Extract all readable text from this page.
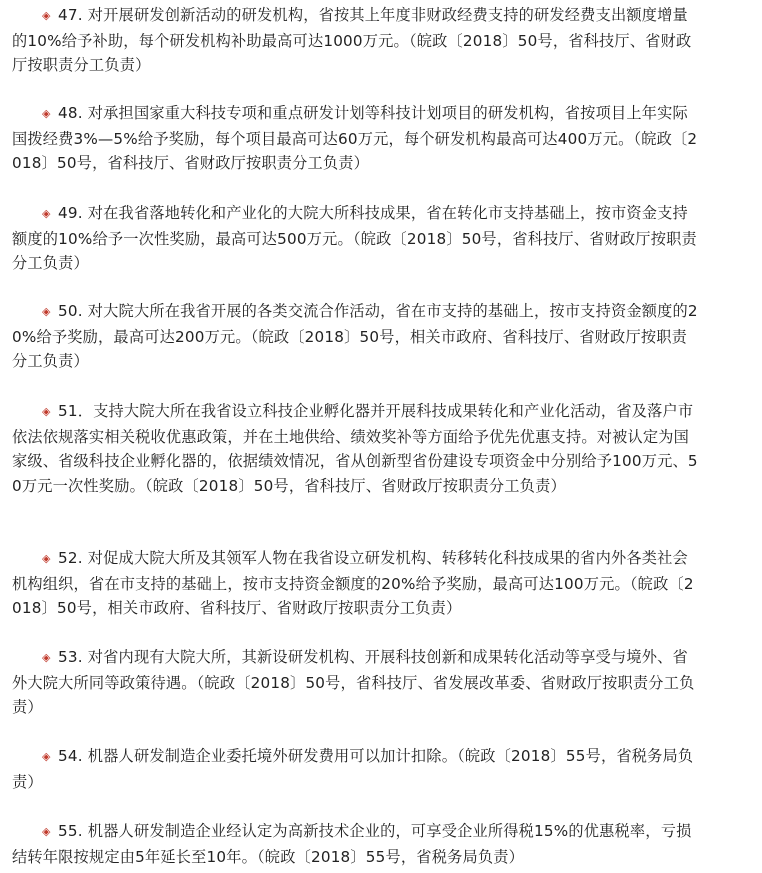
◈ 47. 对开展研发创新活动的研发机构，省按其上年度非财政经费支持的研发经费支出额度增量的10%给予补助，每个研发机构补助最高可达1000万元。（皖政〔2018〕50号，省科技厅、省财政厅按职责分工负责）

◈ 48. 对承担国家重大科技专项和重点研发计划等科技计划项目的研发机构，省按项目上年实际国拨经费3%—5%给予奖励，每个项目最高可达60万元，每个研发机构最高可达400万元。（皖政〔2018〕50号，省科技厅、省财政厅按职责分工负责）

◈ 49. 对在我省落地转化和产业化的大院大所科技成果，省在转化市支持基础上，按市资金支持额度的10%给予一次性奖励，最高可达500万元。（皖政〔2018〕50号，省科技厅、省财政厅按职责分工负责）

◈ 50. 对大院大所在我省开展的各类交流合作活动，省在市支持的基础上，按市支持资金额度的20%给予奖励，最高可达200万元。（皖政〔2018〕50号，相关市政府、省科技厅、省财政厅按职责分工负责）

◈ 51．支持大院大所在我省设立科技企业孵化器并开展科技成果转化和产业化活动，省及落户市依法依规落实相关税收优惠政策，并在土地供给、绩效奖补等方面给予优先优惠支持。对被认定为国家级、省级科技企业孵化器的，依据绩效情况，省从创新型省份建设专项资金中分别给予100万元、50万元一次性奖励。（皖政〔2018〕50号，省科技厅、省财政厅按职责分工负责）

◈ 52. 对促成大院大所及其领军人物在我省设立研发机构、转移转化科技成果的省内外各类社会机构组织，省在市支持的基础上，按市支持资金额度的20%给予奖励，最高可达100万元。（皖政〔2018〕50号，相关市政府、省科技厅、省财政厅按职责分工负责）

◈ 53. 对省内现有大院大所，其新设研发机构、开展科技创新和成果转化活动等享受与境外、省外大院大所同等政策待遇。（皖政〔2018〕50号，省科技厅、省发展改革委、省财政厅按职责分工负责）

◈ 54. 机器人研发制造企业委托境外研发费用可以加计扣除。（皖政〔2018〕55号，省税务局负责）

◈ 55. 机器人研发制造企业经认定为高新技术企业的，可享受企业所得税15%的优惠税率，亏损结转年限按规定由5年延长至10年。（皖政〔2018〕55号，省税务局负责）
